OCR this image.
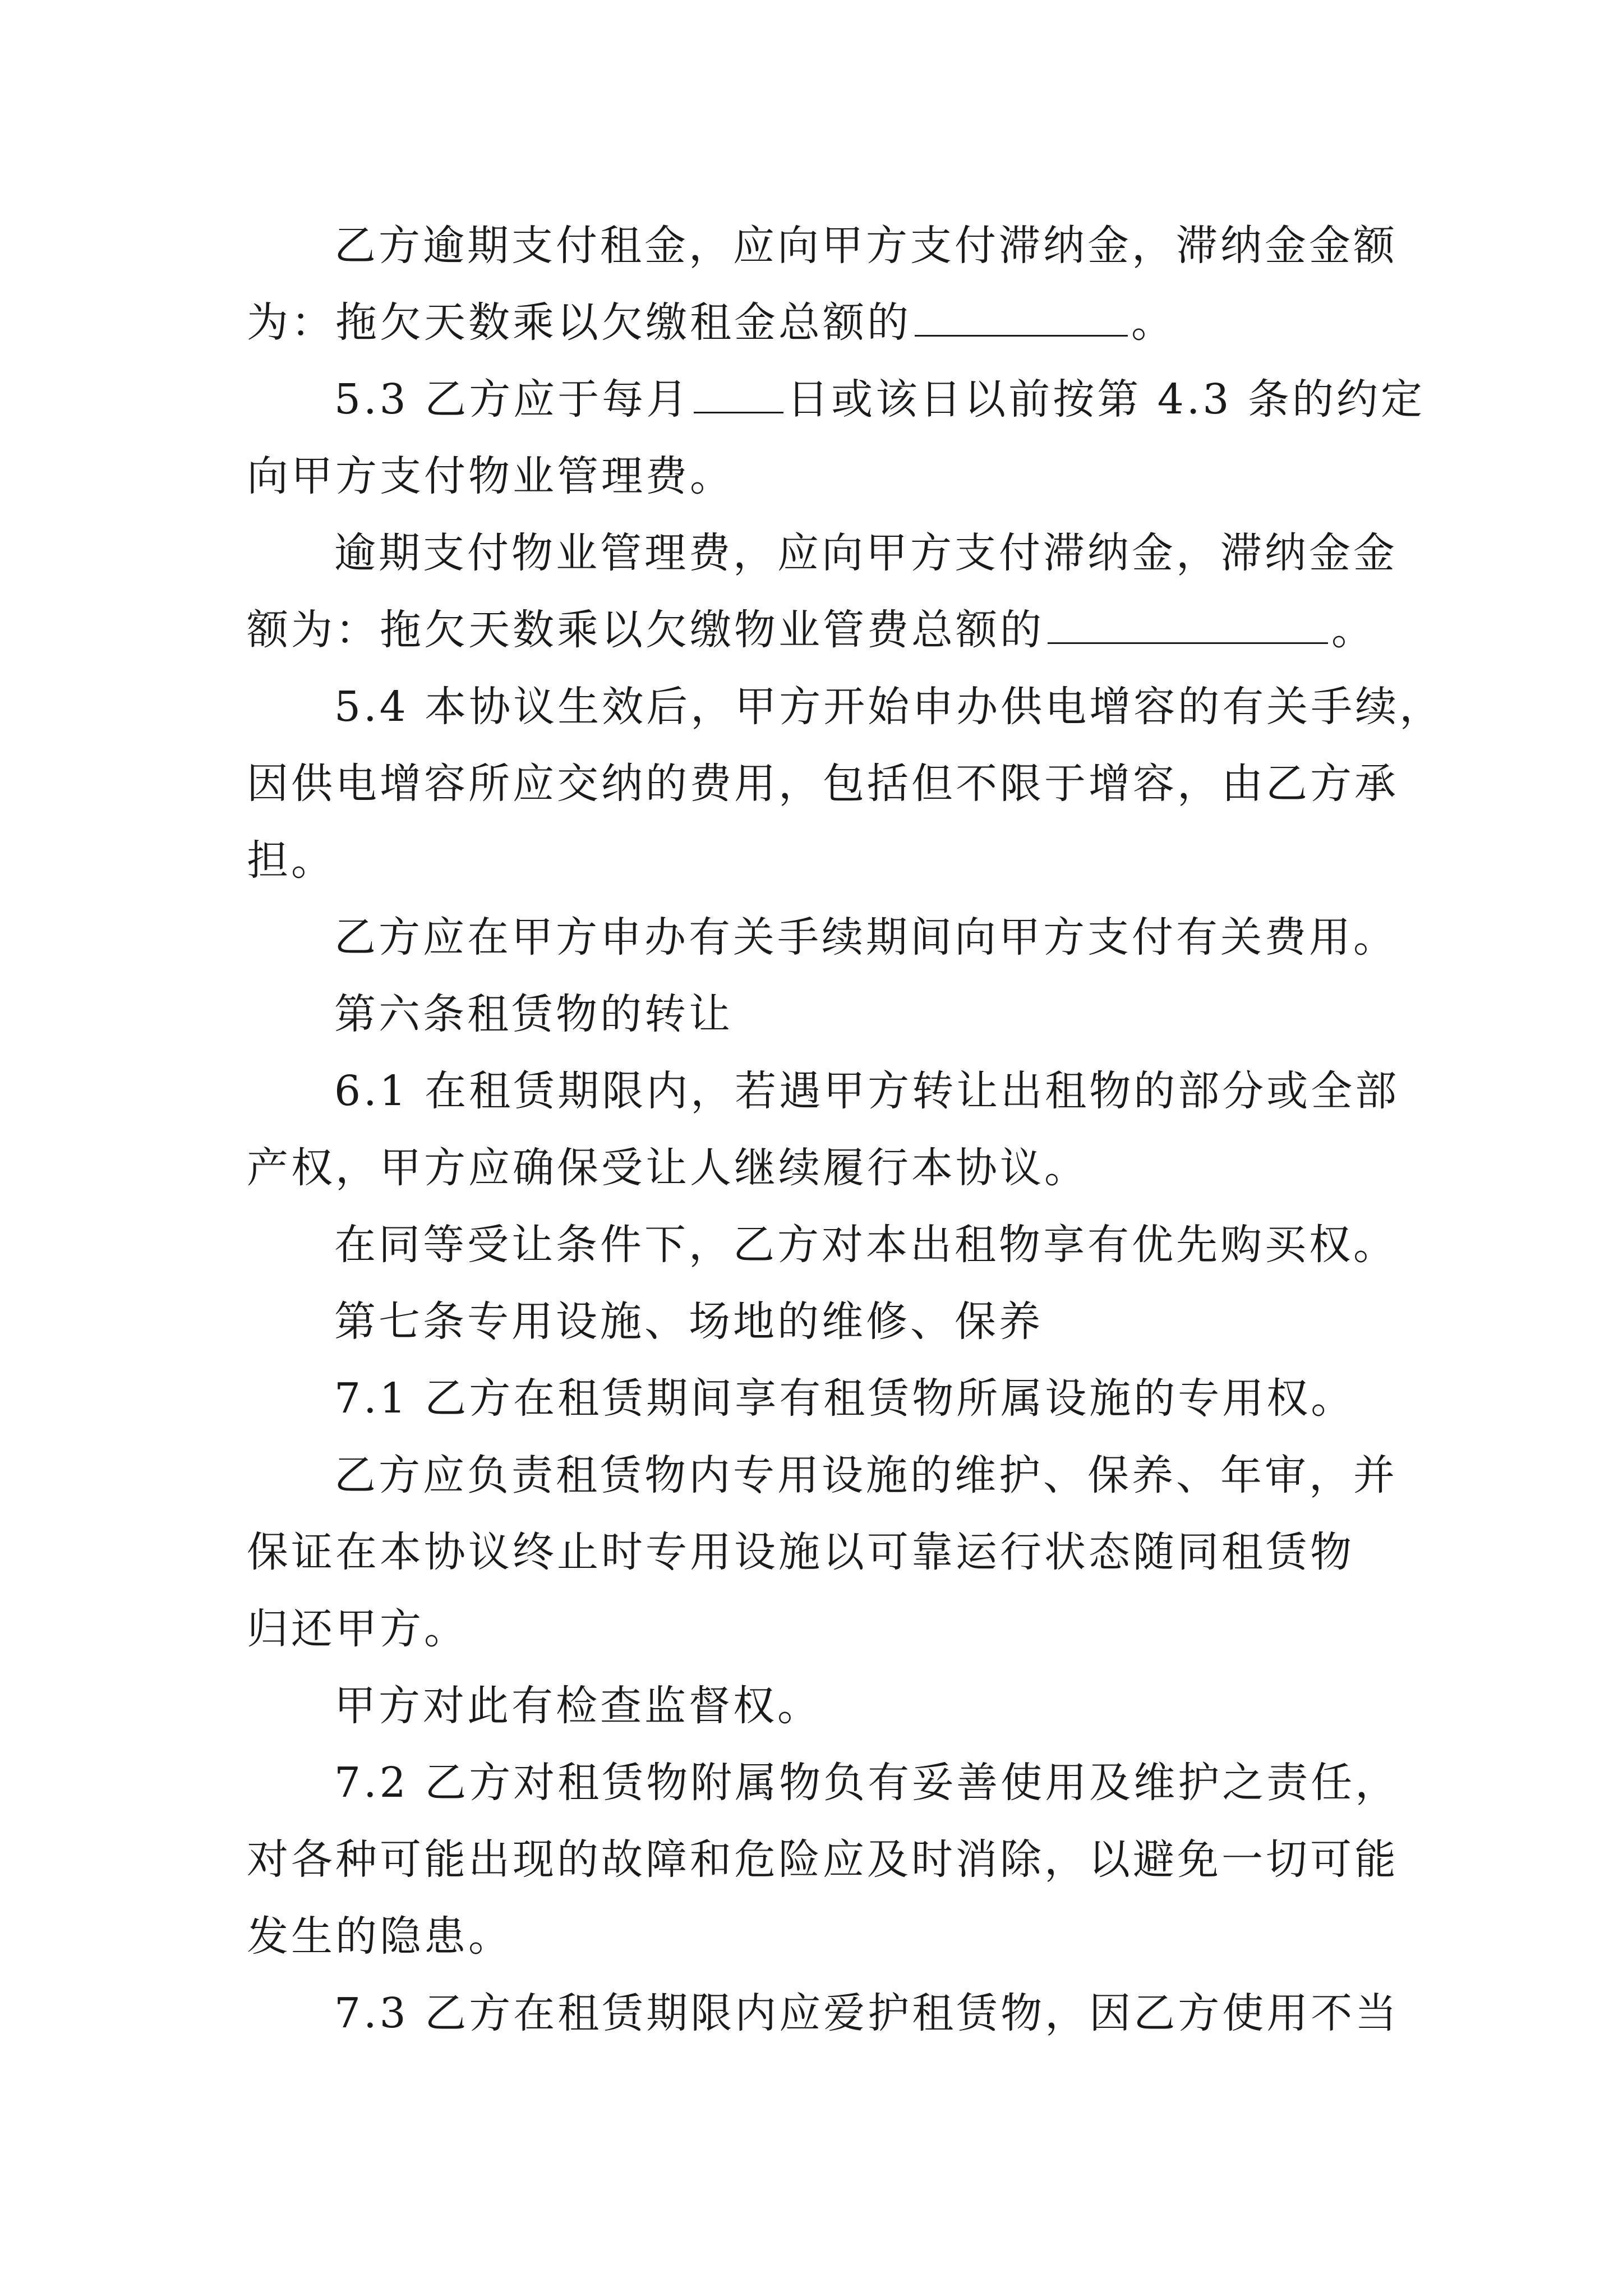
乙方逾期支付租金，应向甲方支付滞纳金，滞纳金金额
为：拖欠天数乘以欠缴租金总额的	。
5.3 乙方应于每月 日或该日以前按第 4.3 条的约定
向甲方支付物业管理费。
逾期支付物业管理费，应向甲方支付滞纳金，滞纳金金
额为：拖欠天数乘以欠缴物业管费总额的	。
5.4 本协议生效后，甲方开始申办供电增容的有关手续，
因供电增容所应交纳的费用，包括但不限于增容，由乙方承
担。
乙方应在甲方申办有关手续期间向甲方支付有关费用。
第六条租赁物的转让
6.1 在租赁期限内，若遇甲方转让出租物的部分或全部
产权，甲方应确保受让人继续履行本协议。
在同等受让条件下，乙方对本出租物享有优先购买权。
第七条专用设施、场地的维修、保养
7.1 乙方在租赁期间享有租赁物所属设施的专用权。
乙方应负责租赁物内专用设施的维护、保养、年审，并
保证在本协议终止时专用设施以可靠运行状态随同租赁物
归还甲方。
甲方对此有检查监督权。
7.2 乙方对租赁物附属物负有妥善使用及维护之责任，
对各种可能出现的故障和危险应及时消除，以避免一切可能
发生的隐患。
7.3 乙方在租赁期限内应爱护租赁物，因乙方使用不当
